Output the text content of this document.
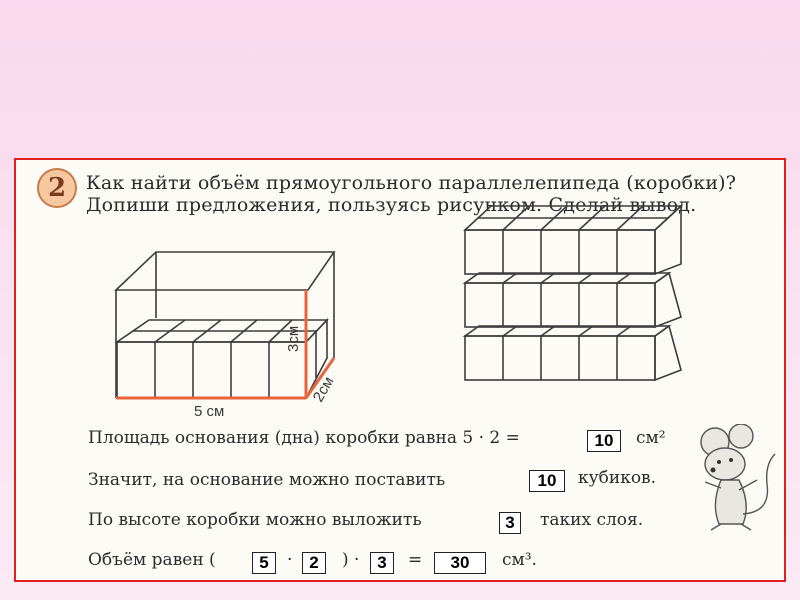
2	Как найти объём прямоугольного параллелепипеда (коробки)?
Допиши предложения, пользуясь рисунком. Сделай вывод.
5 см
3см
2см
Площадь основания (дна) коробки равна 5 · 2 =	10	см²
Значит, на основание можно поставить	10	кубиков.
По высоте коробки можно выложить	3	таких слоя.
Объём равен (	5	· 2	) ·	3	=	30	см³.
